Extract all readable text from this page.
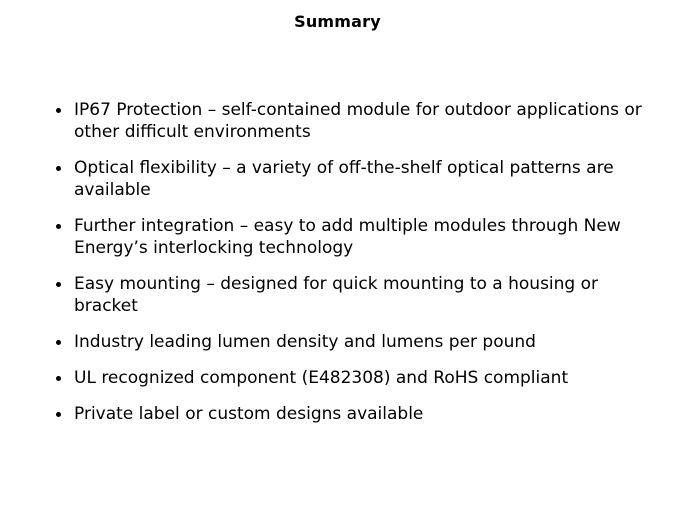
Summary
IP67 Protection – self-contained module for outdoor applications or other difficult environments
Optical flexibility – a variety of off-the-shelf optical patterns are available
Further integration – easy to add multiple modules through New Energy’s interlocking technology
Easy mounting – designed for quick mounting to a housing or bracket
Industry leading lumen density and lumens per pound
UL recognized component (E482308) and RoHS compliant
Private label or custom designs available
